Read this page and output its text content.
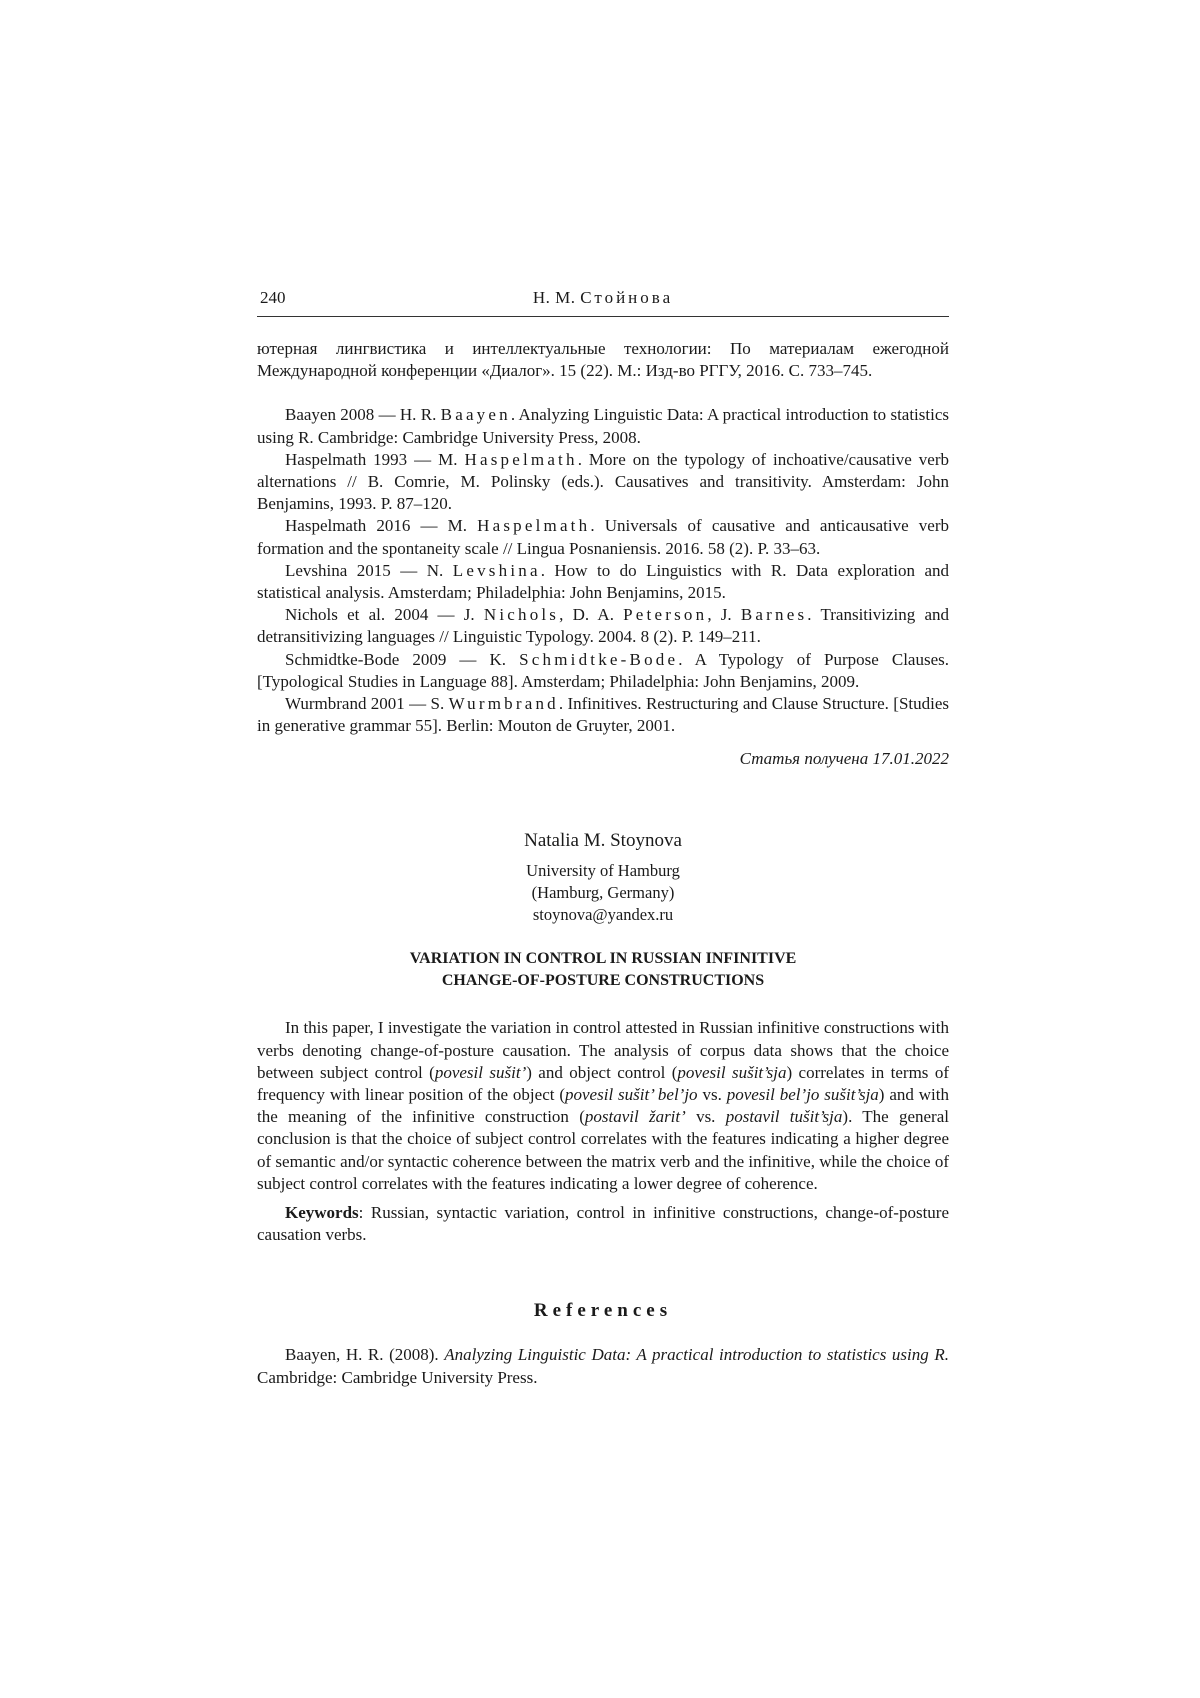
240	Н. М. Стойнова

ютерная лингвистика и интеллектуальные технологии: По материалам ежегодной Международной конференции «Диалог». 15 (22). М.: Изд-во РГГУ, 2016. С. 733–745.

Baayen 2008 — H. R. Baayen. Analyzing Linguistic Data: A practical introduction to statistics using R. Cambridge: Cambridge University Press, 2008.

Haspelmath 1993 — M. Haspelmath. More on the typology of inchoative/causative verb alternations // B. Comrie, M. Polinsky (eds.). Causatives and transitivity. Amsterdam: John Benjamins, 1993. P. 87–120.

Haspelmath 2016 — M. Haspelmath. Universals of causative and anticausative verb formation and the spontaneity scale // Lingua Posnaniensis. 2016. 58 (2). P. 33–63.

Levshina 2015 — N. Levshina. How to do Linguistics with R. Data exploration and statistical analysis. Amsterdam; Philadelphia: John Benjamins, 2015.

Nichols et al. 2004 — J. Nichols, D. A. Peterson, J. Barnes. Transitivizing and detransitivizing languages // Linguistic Typology. 2004. 8 (2). P. 149–211.

Schmidtke-Bode 2009 — K. Schmidtke-Bode. A Typology of Purpose Clauses. [Typological Studies in Language 88]. Amsterdam; Philadelphia: John Benjamins, 2009.

Wurmbrand 2001 — S. Wurmbrand. Infinitives. Restructuring and Clause Structure. [Studies in generative grammar 55]. Berlin: Mouton de Gruyter, 2001.

Статья получена 17.01.2022
Natalia M. Stoynova
University of Hamburg
(Hamburg, Germany)
stoynova@yandex.ru
VARIATION IN CONTROL IN RUSSIAN INFINITIVE
CHANGE-OF-POSTURE CONSTRUCTIONS

In this paper, I investigate the variation in control attested in Russian infinitive constructions with verbs denoting change-of-posture causation. The analysis of corpus data shows that the choice between subject control (povesil sušit’) and object control (povesil sušit’sja) correlates in terms of frequency with linear position of the object (povesil sušit’ bel’jo vs. povesil bel’jo sušit’sja) and with the meaning of the infinitive construction (postavil žarit’ vs. postavil tušit’sja). The general conclusion is that the choice of subject control correlates with the features indicating a higher degree of semantic and/or syntactic coherence between the matrix verb and the infinitive, while the choice of subject control correlates with the features indicating a lower degree of coherence.

Keywords: Russian, syntactic variation, control in infinitive constructions, change-of-posture causation verbs.

References

Baayen, H. R. (2008). Analyzing Linguistic Data: A practical introduction to statistics using R. Cambridge: Cambridge University Press.
